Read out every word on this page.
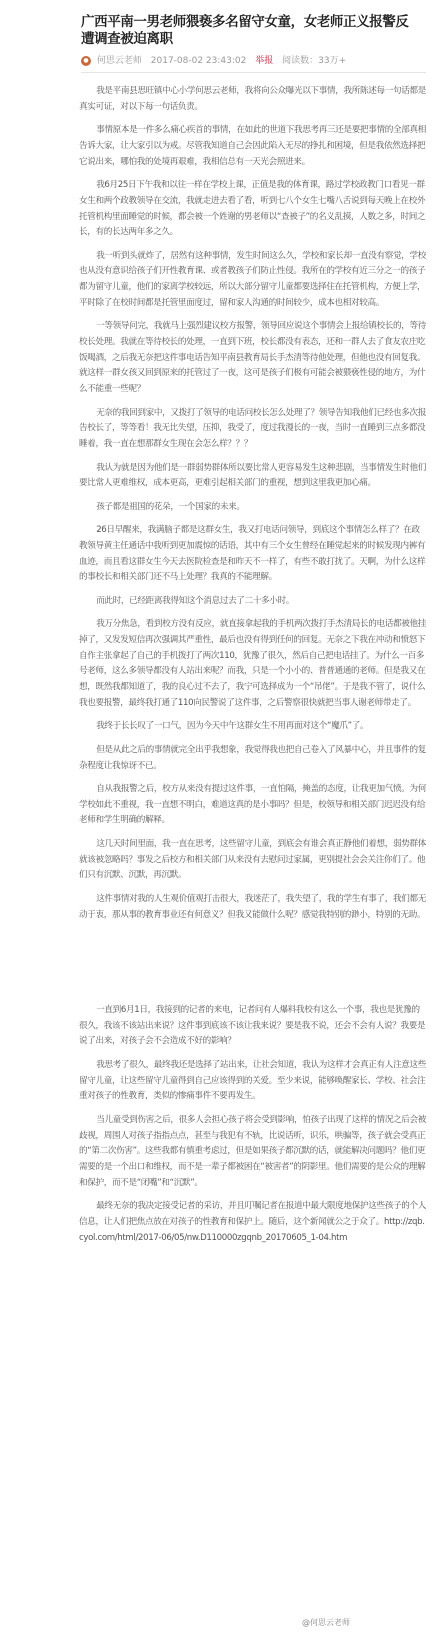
广西平南一男老师猥亵多名留守女童，女老师正义报警反遭调查被迫离职
● 何思云老师 2017-08-02 23:43:02 举报 阅读数：33万+

我是平南县思旺镇中心小学何思云老师，我将向公众曝光以下事情，我所陈述每一句话都是真实可证，对以下每一句话负责。

事情原本是一件多么痛心疾首的事情，在如此的世道下我思考再三还是要把事情的全部真相告诉大家，让大家引以为戒。尽管我知道自己会因此陷入无尽的挣扎和困境，但是我依然选择把它说出来，哪怕我的处境再艰难，我相信总有一天光会照进来。

我6月25日下午我和以往一样在学校上课，正值是我的体育课，路过学校政教门口看见一群女生和两个政教领导在交流，我就走进去看了看，听到七八个女生七嘴八舌说到每天晚上在校外托管机构里面睡觉的时候，都会被一个姓谢的男老师以“查被子”的名义乱摸，人数之多，时间之长，有的长达两年多之久。

我一听到头就炸了，居然有这种事情，发生时间这么久，学校和家长却一直没有察觉，学校也从没有意识给孩子们开性教育课、或者教孩子们防止性侵。我所在的学校有近三分之一的孩子都为留守儿童，他们的家离学校较远，所以大部分留守儿童都要选择住在托管机构，方便上学，平时除了在校时间都是托管里面度过，留和家人沟通的时间较少，成本也相对较高。

一等领导问完，我就马上强烈建议校方报警，领导回应说这个事情会上报给镇校长的，等待校长处理。我就在等待校长的处理，一直到下班，校长都没有表态，还和一群人去了食友农庄吃饭喝酒，之后我无奈把这件事电话告知平南县教育局长手杰清等待他处理，但他也没有回复我。就这样一群女孩又回到原来的托管过了一夜，这可是孩子们极有可能会被猥亵性侵的地方，为什么不能重一些呢？

无奈的我回到家中，又拨打了领导的电话问校长怎么处理了？领导告知我他们已经也多次报告校长了，等等看！我无比失望，压抑，我受了，度过我漫长的一夜，当时一直睡到三点多都没睡着，我一直在想那群女生现在会怎么样？？？

我认为就是因为他们是一群弱势群体所以要比常人更容易发生这种悲剧，当事情发生时他们要比常人更难维权，成本更高，更难引起相关部门的重视，想到这里我更加心痛。

孩子都是祖国的花朵，一个国家的未来。

26日早醒来，我满脑子都是这群女生，我又打电话问领导，到底这个事情怎么样了？在政教领导黄主任通话中我听到更加震惊的话语，其中有三个女生曾经在睡觉起来的时候发现内裤有血迹，而且看这群女生今天去医院检查是和昨天不一样了，有些不敢打扰了。天啊，为什么这样的事校长和相关部门还不马上处理？我真的不能理解。

而此时，已经距离我得知这个消息过去了二十多小时。

我万分焦急，看到校方没有反应，就直接拿起我的手机两次拨打手杰清局长的电话都被他挂掉了，又发发短信再次强调其严重性，最后也没有得到任何的回复。无奈之下我在冲动和愤怒下自作主张拿起了自己的手机拨打了两次110，犹豫了很久，然后自己把电话挂了。为什么一百多号老师，这么多领导都没有人站出来呢？而我，只是一个小小的、普普通通的老师。但是我又在想，既然我都知道了，我的良心过不去了，我宁可选择成为一个“吊佬”。于是我不管了，说什么我也要报警，最终我打通了110向民警说了这件事，之后警察很快就把当事人谢老师带走了。

我终于长长叹了一口气，因为今天中午这群女生不用再面对这个“魔爪”了。

但是从此之后的事情就完全出乎我想象，我觉得我也把自己卷入了风暴中心，并且事件的复杂程度让我惊讶不已。

自从我报警之后，校方从来没有提过这件事，一直怕隔，掩盖的态度，让我更加气愤。为何学校如此不重视，我一直想不明白，难道这真的是小事吗？但是，校领导和相关部门迟迟没有给老师和学生明确的解释。

这几天时间里面，我一直在思考，这些留守儿童，到底会有谁会真正静他们着想，弱势群体就该被忽略吗？事发之后校方和相关部门从来没有去慰问过家属，更别提社会会关注你们了。他们只有沉默、沉默，再沉默。

这件事情对我的人生观价值观打击很大，我迷茫了，我失望了，我的学生有事了，我们都无动于衷，那从事的教育事业还有何意义？但我又能做什么呢？感觉我特别的渺小，特别的无助。

一直到6月1日，我接到的记者的来电，记者问有人爆料我校有这么一个事，我也是犹豫的很久，我该不该站出来说？这件事到底该不该让我来说？要是我不说，还会不会有人说？我要是说了出来，对孩子会不会造成不好的影响？

我思考了很久，最终我还是选择了站出来，让社会知道，我认为这样才会真正有人注意这些留守儿童，让这些留守儿童得到自己应该得到的关爱。至少来说，能够唤醒家长、学校、社会注重对孩子的性教育，类似的惨痛事件不要再发生。

当儿童受到伤害之后，很多人会担心孩子将会受到影响，怕孩子出现了这样的情况之后会被歧视，周围人对孩子指指点点，甚至与我犯有不轨，比说话听，识乐，哄骗等，孩子就会受真正的“第二次伤害”。这些我都有慎重考虑过，但是如果孩子都沉默的话，就能解决问题吗？他们更需要的是一个出口和维权，而不是一辈子都被困在“被害者”的阴影里。他们需要的是公众的理解和保护，而不是“闭嘴”和“沉默”。

最终无奈的我决定接受记者的采访，并且叮嘱记者在报道中最大限度地保护这些孩子的个人信息，让人们把焦点放在对孩子的性教育和保护上。随后，这个新闻就公之于众了。http://zqb.cyol.com/html/2017-06/05/nw.D110000zgqnb_20170605_1-04.htm

@何思云老师
